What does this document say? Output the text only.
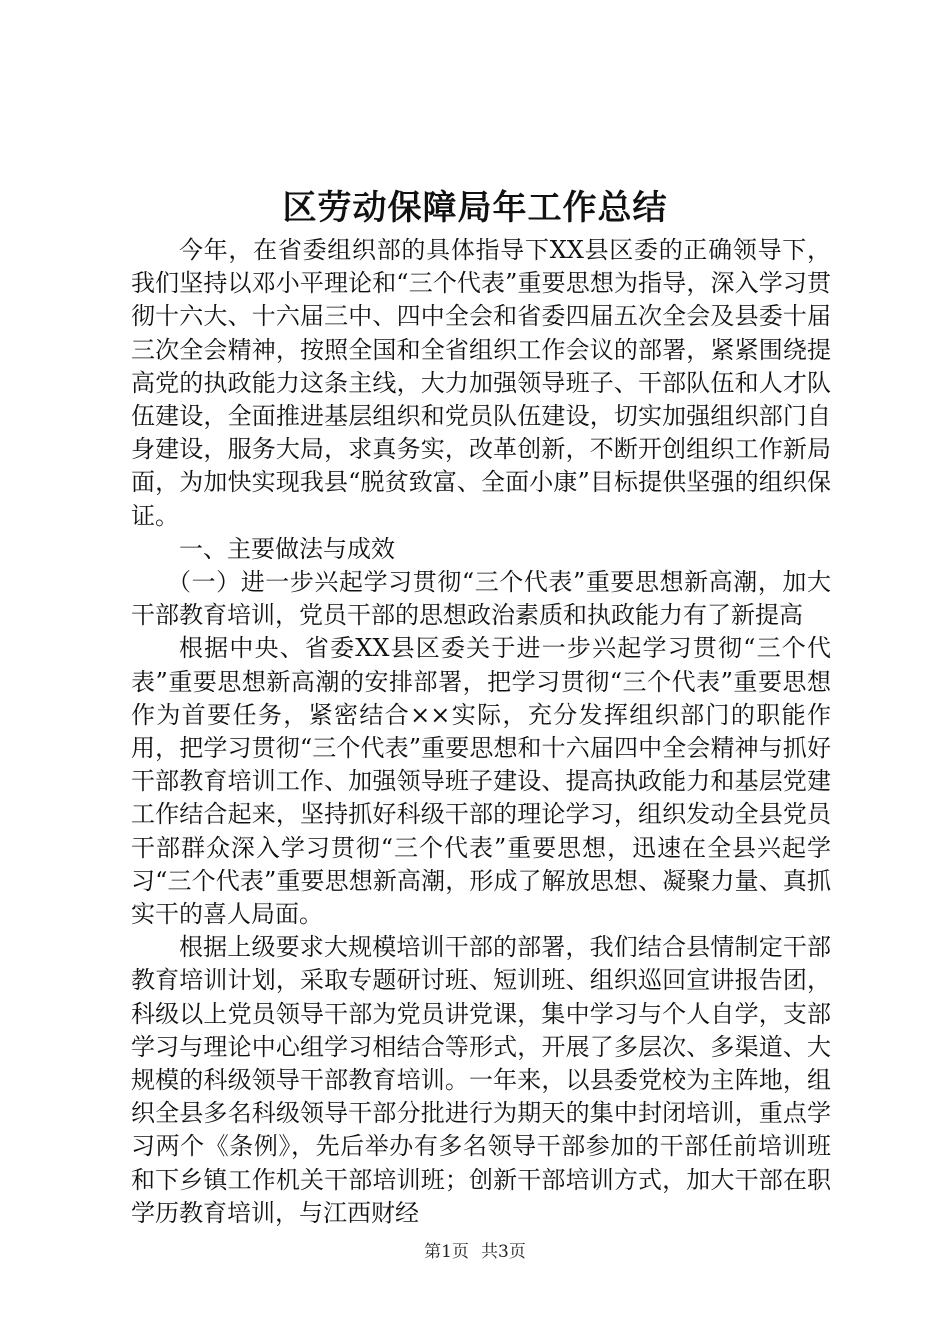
区劳动保障局年工作总结

今年，在省委组织部的具体指导下XX县区委的正确领导下，我们坚持以邓小平理论和“三个代表”重要思想为指导，深入学习贯彻十六大、十六届三中、四中全会和省委四届五次全会及县委十届三次全会精神，按照全国和全省组织工作会议的部署，紧紧围绕提高党的执政能力这条主线，大力加强领导班子、干部队伍和人才队伍建设，全面推进基层组织和党员队伍建设，切实加强组织部门自身建设，服务大局，求真务实，改革创新，不断开创组织工作新局面，为加快实现我县“脱贫致富、全面小康”目标提供坚强的组织保证。

一、主要做法与成效

（一）进一步兴起学习贯彻“三个代表”重要思想新高潮，加大干部教育培训，党员干部的思想政治素质和执政能力有了新提高

根据中央、省委XX县区委关于进一步兴起学习贯彻“三个代表”重要思想新高潮的安排部署，把学习贯彻“三个代表”重要思想作为首要任务，紧密结合××实际，充分发挥组织部门的职能作用，把学习贯彻“三个代表”重要思想和十六届四中全会精神与抓好干部教育培训工作、加强领导班子建设、提高执政能力和基层党建工作结合起来，坚持抓好科级干部的理论学习，组织发动全县党员干部群众深入学习贯彻“三个代表”重要思想，迅速在全县兴起学习“三个代表”重要思想新高潮，形成了解放思想、凝聚力量、真抓实干的喜人局面。

根据上级要求大规模培训干部的部署，我们结合县情制定干部教育培训计划，采取专题研讨班、短训班、组织巡回宣讲报告团，科级以上党员领导干部为党员讲党课，集中学习与个人自学，支部学习与理论中心组学习相结合等形式，开展了多层次、多渠道、大规模的科级领导干部教育培训。一年来，以县委党校为主阵地，组织全县多名科级领导干部分批进行为期天的集中封闭培训，重点学习两个《条例》，先后举办有多名领导干部参加的干部任前培训班和下乡镇工作机关干部培训班；创新干部培训方式，加大干部在职学历教育培训，与江西财经

第1页 共3页
